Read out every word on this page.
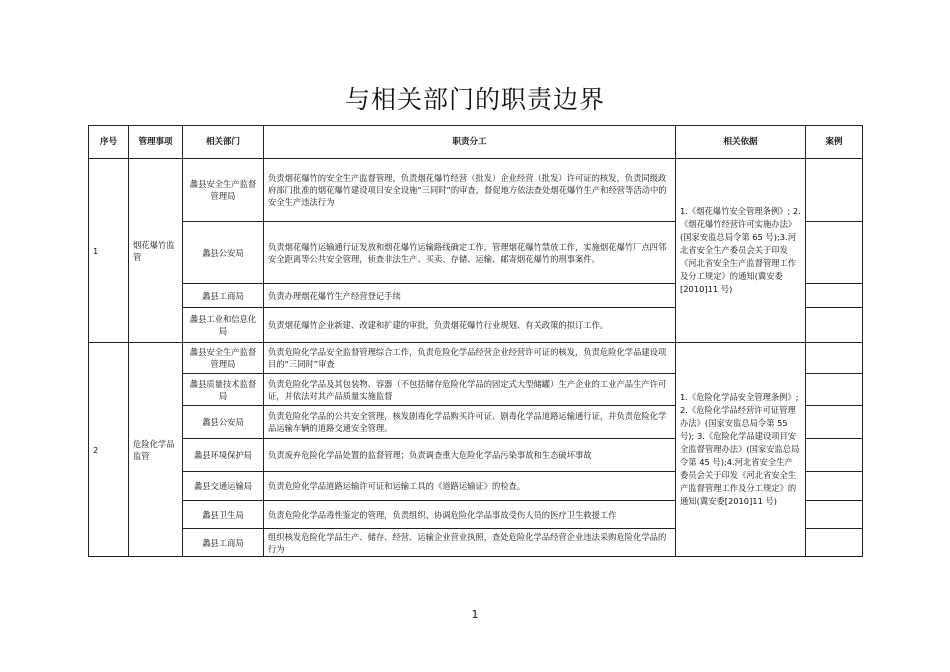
与相关部门的职责边界
序号	管理事项	相关部门	职责分工	相关依据	案例
1	烟花爆竹监管	蠡县安全生产监督管理局	负责烟花爆竹的安全生产监督管理，负责烟花爆竹经营（批发）企业经营（批发）许可证的核发，负责同级政府部门批准的烟花爆竹建设项目安全设施“三同时”的审查，督促地方依法查处烟花爆竹生产和经营等活动中的安全生产违法行为	1.《烟花爆竹安全管理条例》; 2.《烟花爆竹经营许可实施办法》(国家安监总局令第 65 号);3.河北省安全生产委员会关于印发《河北省安全生产监督管理工作及分工规定》的通知(冀安委[2010]11 号)	
		蠡县公安局	负责烟花爆竹运输通行证发放和烟花爆竹运输路线确定工作，管理烟花爆竹禁放工作，实施烟花爆竹厂点四邻安全距离等公共安全管理，侦查非法生产、买卖、存储、运输、邮寄烟花爆竹的刑事案件。		
		蠡县工商局	负责办理烟花爆竹生产经营登记手续		
		蠡县工业和信息化局	负责烟花爆竹企业新建、改建和扩建的审批，负责烟花爆竹行业规划、有关政策的拟订工作。		
2	危险化学品监管	蠡县安全生产监督管理局	负责危险化学品安全监督管理综合工作，负责危险化学品经营企业经营许可证的核发，负责危险化学品建设项目的“三同时”审查	1.《危险化学品安全管理条例》; 2.《危险化学品经营许可证管理办法》(国家安监总局令第 55 号); 3.《危险化学品建设项目安全监督管理办法》(国家安监总局令第 45 号);4.河北省安全生产委员会关于印发《河北省安全生产监督管理工作及分工规定》的通知(冀安委[2010]11 号)	
		蠡县质量技术监督局	负责危险化学品及其包装物、容器（不包括储存危险化学品的固定式大型储罐）生产企业的工业产品生产许可证，并依法对其产品质量实施监督		
		蠡县公安局	负责危险化学品的公共安全管理，核发剧毒化学品购买许可证、剧毒化学品道路运输通行证，并负责危险化学品运输车辆的道路交通安全管理。		
		蠡县环境保护局	负责废弃危险化学品处置的监督管理；负责调查重大危险化学品污染事故和生态破坏事故		
		蠡县交通运输局	负责危险化学品道路运输许可证和运输工具的《道路运输证》的检查。		
		蠡县卫生局	负责危险化学品毒性鉴定的管理，负责组织、协调危险化学品事故受伤人员的医疗卫生救援工作		
		蠡县工商局	组织核发危险化学品生产、储存、经营、运输企业营业执照，查处危险化学品经营企业违法采购危险化学品的行为		
1
